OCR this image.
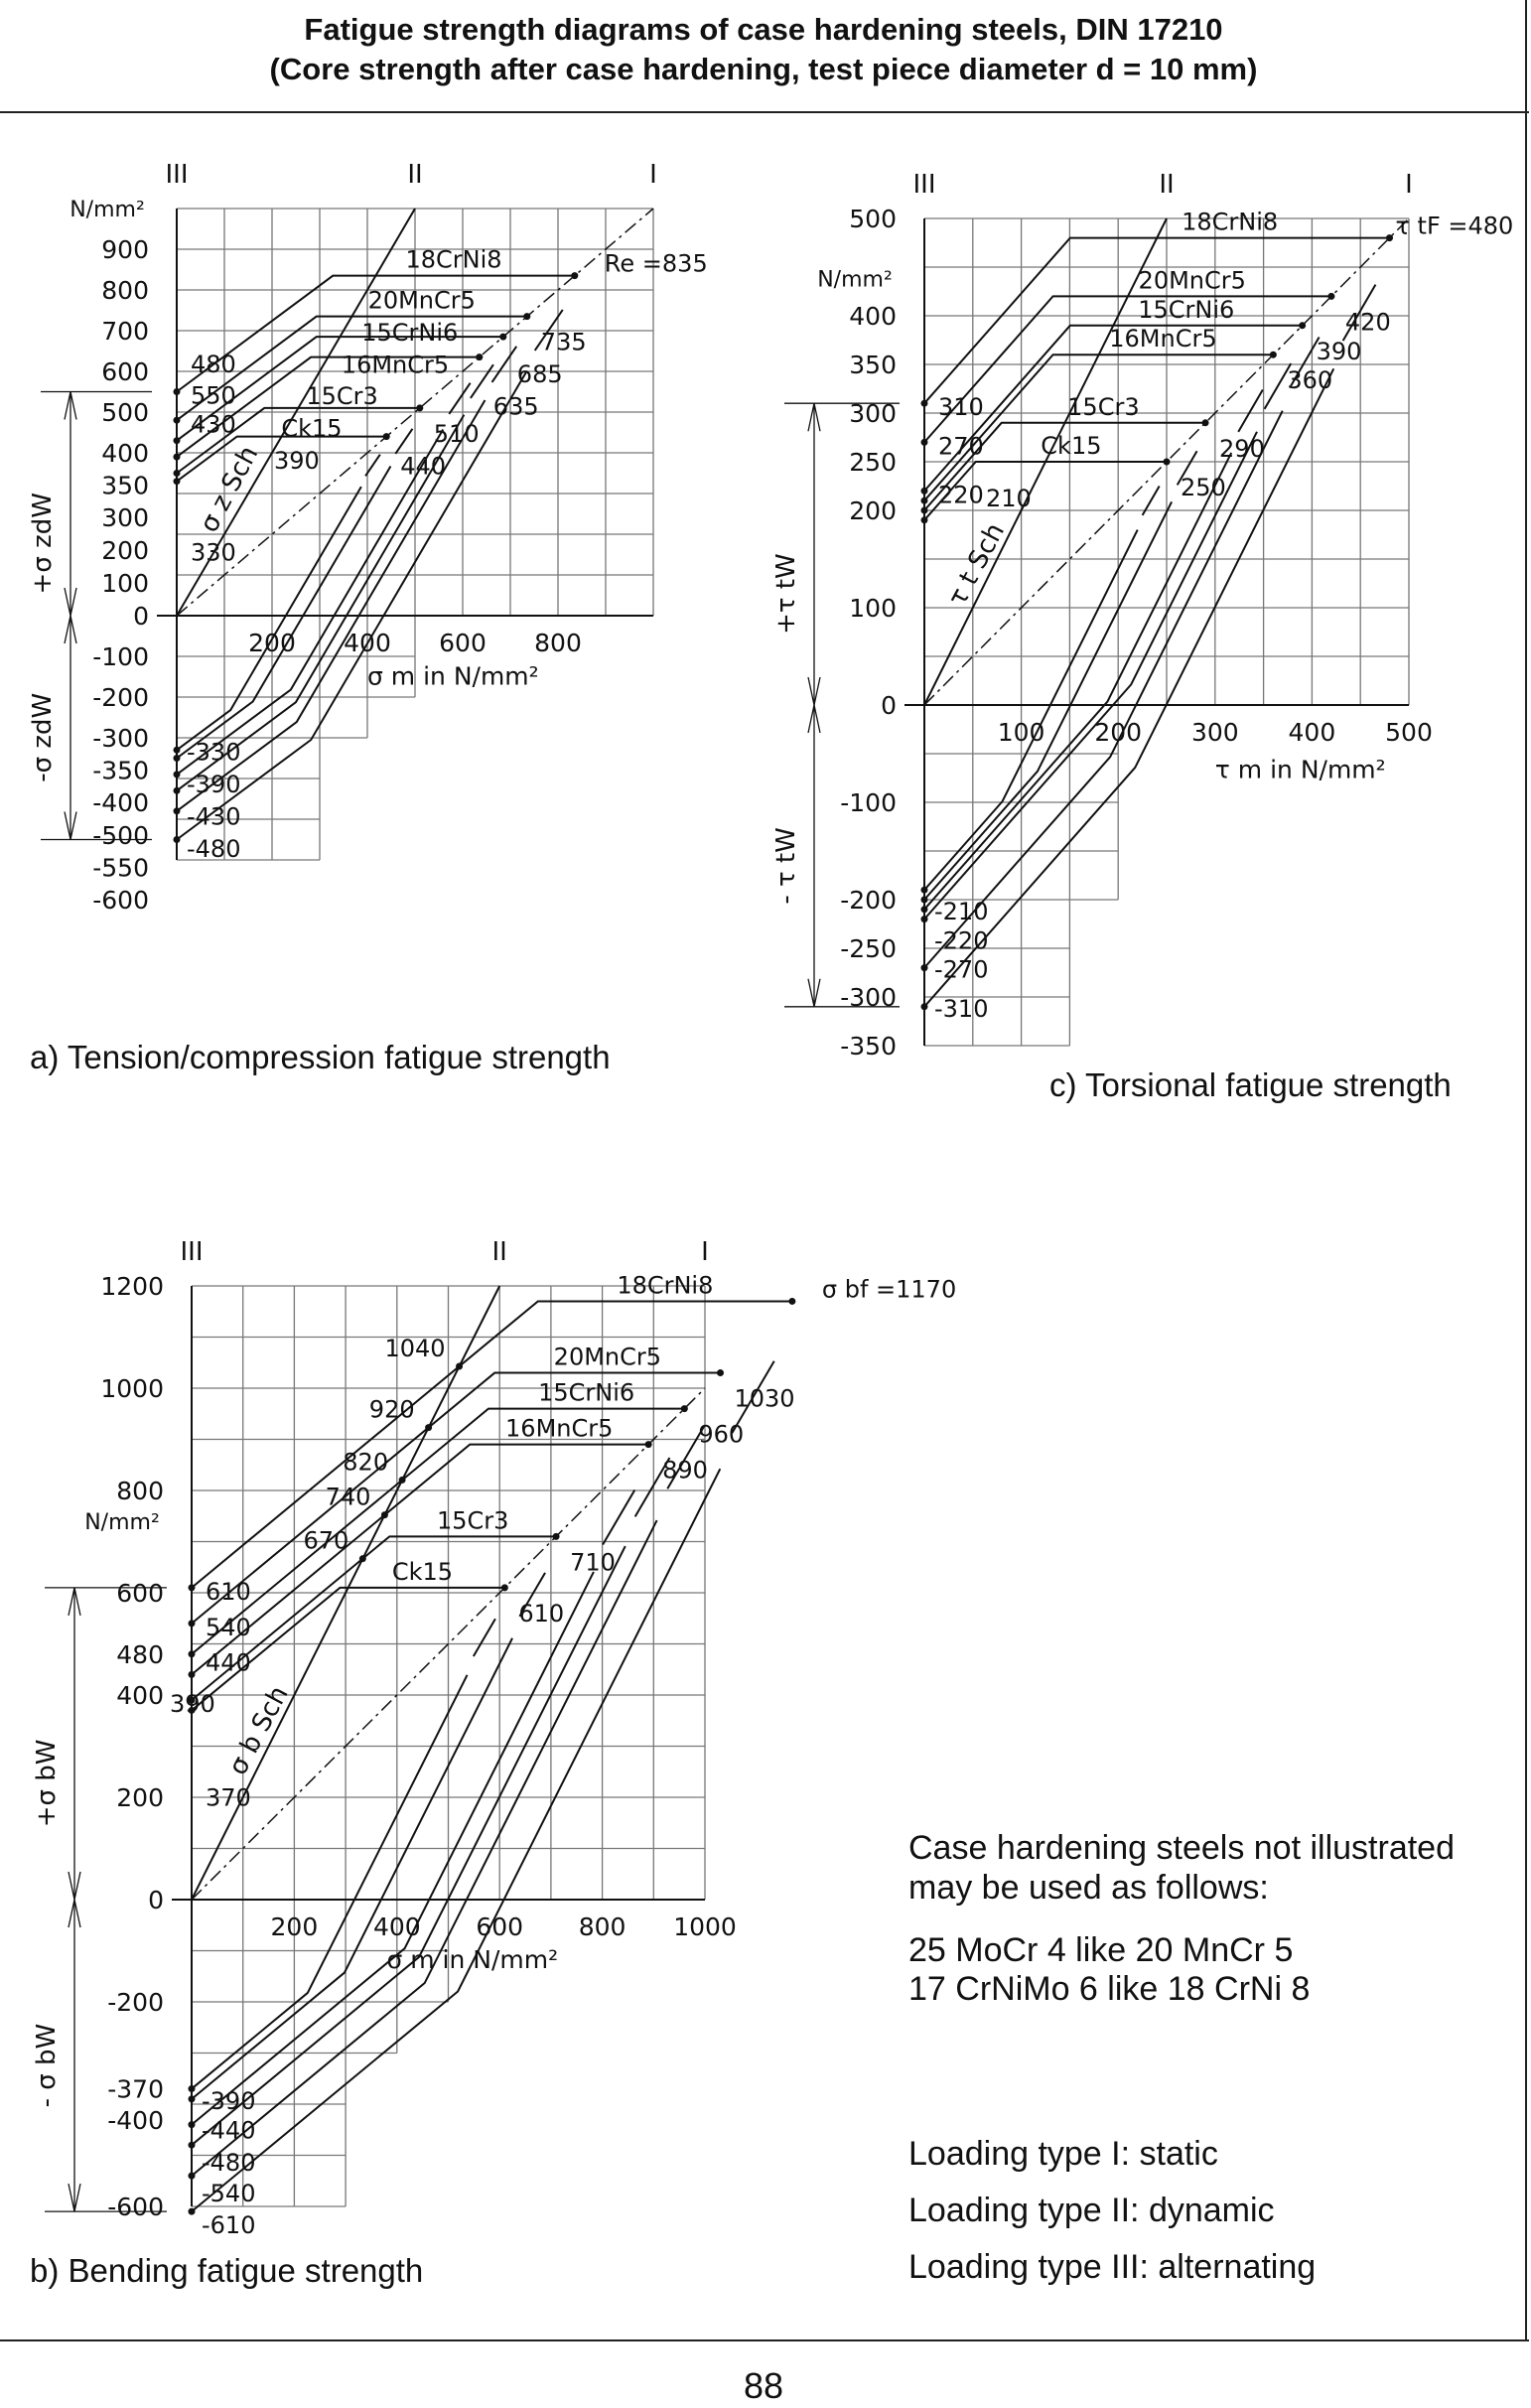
Fatigue strength diagrams of case hardening steels, DIN 17210
(Core strength after case hardening, test piece diameter d = 10 mm)
σ z Sch
+σ zdW
-σ zdW
III	II	I
200 400 600 800
900
800
700
600
500
400
350
300
200
100
0
-100
-200
-300
-350
-400
-500
-550
-600
N/mm²
σ m in N/mm²
18CrNi8
20MnCr5
15CrNi6
16MnCr5
15Cr3
Ck15
735
685
635
510
440
Re =835
550
480
430
390
330
-330
-390
-430
-480
τ t Sch
+τ tW
- τ tW
III	II	I
100 200 300 400 500
500
400
350
300
250
200
100
0
-100
-200
-250
-300
-350
N/mm²
τ m in N/mm²
18CrNi8
20MnCr5
15CrNi6
16MnCr5
15Cr3
Ck15
420
390
360
290
250
τ tF =480
310
270
220 210
-210
-220
-270
-310
σ b Sch
+σ bW
- σ bW
III	II	I
200 400 600 800 1000
1200
1000
800
600
480
400
200
0
-200
-370
-400
-600
N/mm²
σ m in N/mm²
18CrNi8
20MnCr5
15CrNi6
16MnCr5
15Cr3
Ck15
1040
1030
920
960
820	890
740
710
670
610
σ bf =1170
610
540
440
390
370
-390
-440
-480
-540
-610
a) Tension/compression fatigue strength
c) Torsional fatigue strength
b) Bending fatigue strength
Case hardening steels not illustrated
may be used as follows:
25 MoCr 4 like 20 MnCr 5
17 CrNiMo 6 like 18 CrNi 8
Loading type I: static
Loading type II: dynamic
Loading type III: alternating
88
